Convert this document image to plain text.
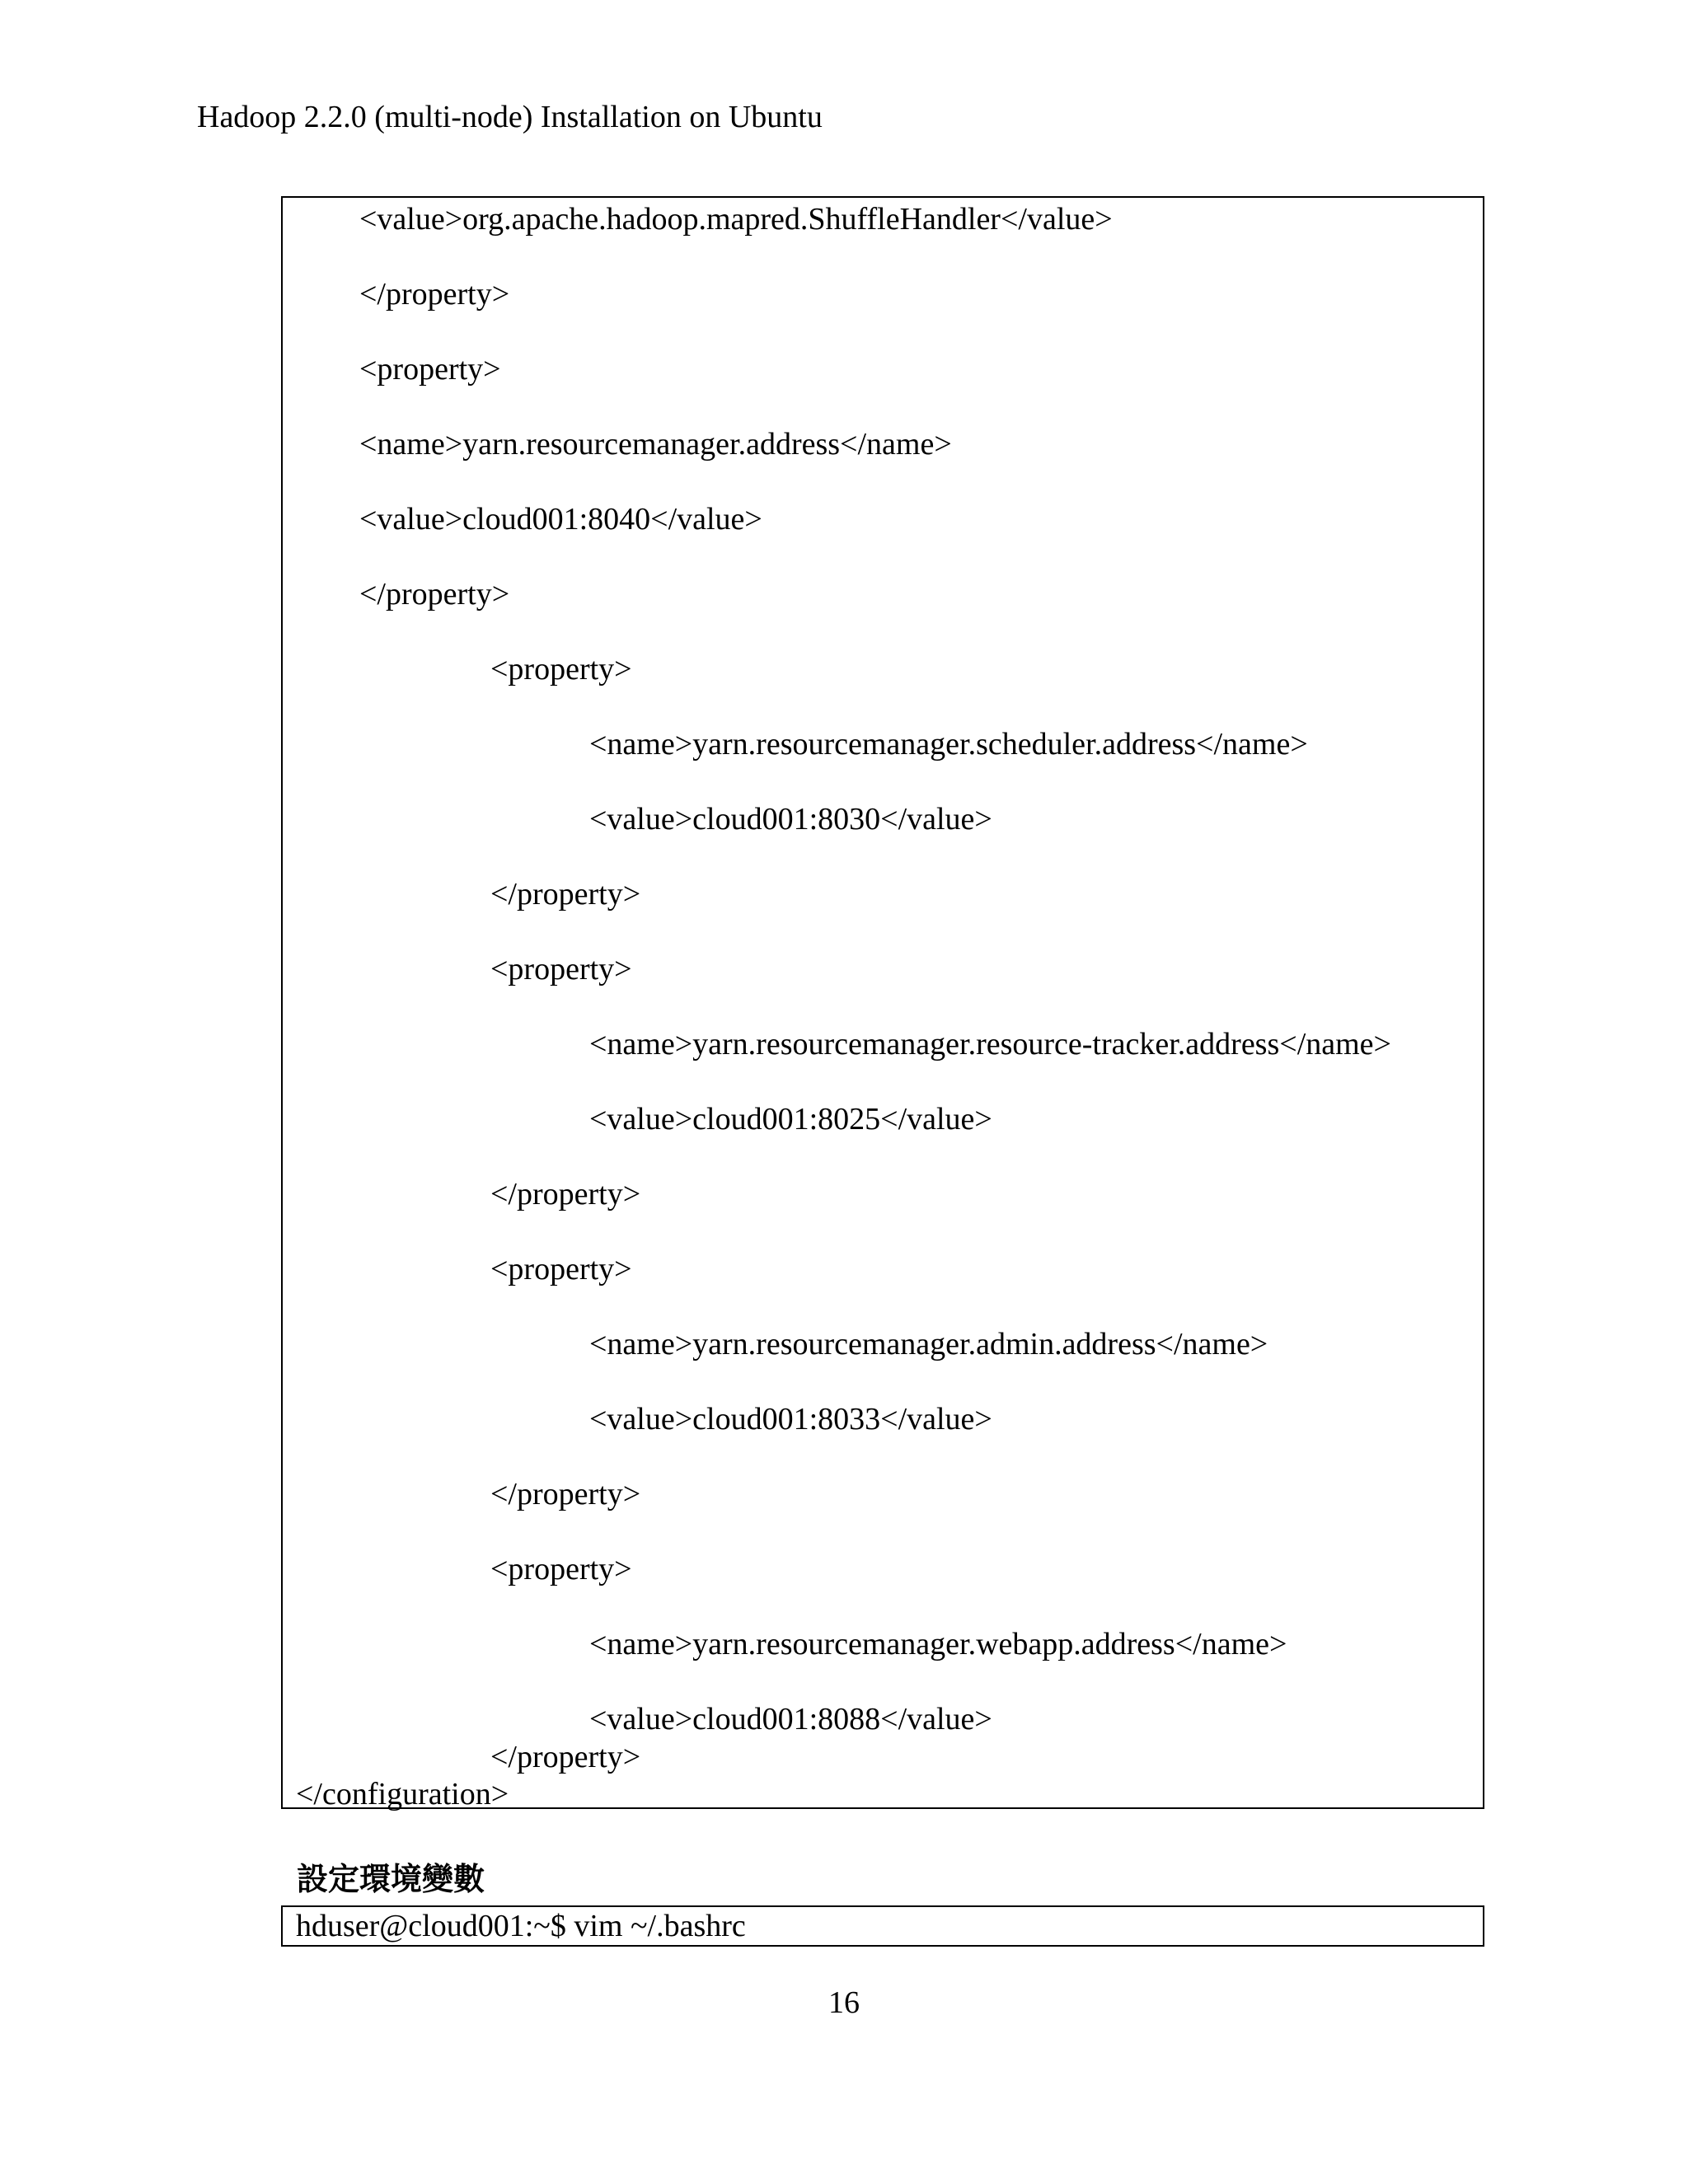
Hadoop 2.2.0 (multi-node) Installation on Ubuntu
<value>org.apache.hadoop.mapred.ShuffleHandler</value>
</property>
<property>
<name>yarn.resourcemanager.address</name>
<value>cloud001:8040</value>
</property>
<property>
<name>yarn.resourcemanager.scheduler.address</name>
<value>cloud001:8030</value>
</property>
<property>
<name>yarn.resourcemanager.resource-tracker.address</name>
<value>cloud001:8025</value>
</property>
<property>
<name>yarn.resourcemanager.admin.address</name>
<value>cloud001:8033</value>
</property>
<property>
<name>yarn.resourcemanager.webapp.address</name>
<value>cloud001:8088</value>
</property>
</configuration>
設定環境變數
hduser@cloud001:~$ vim ~/.bashrc
16
